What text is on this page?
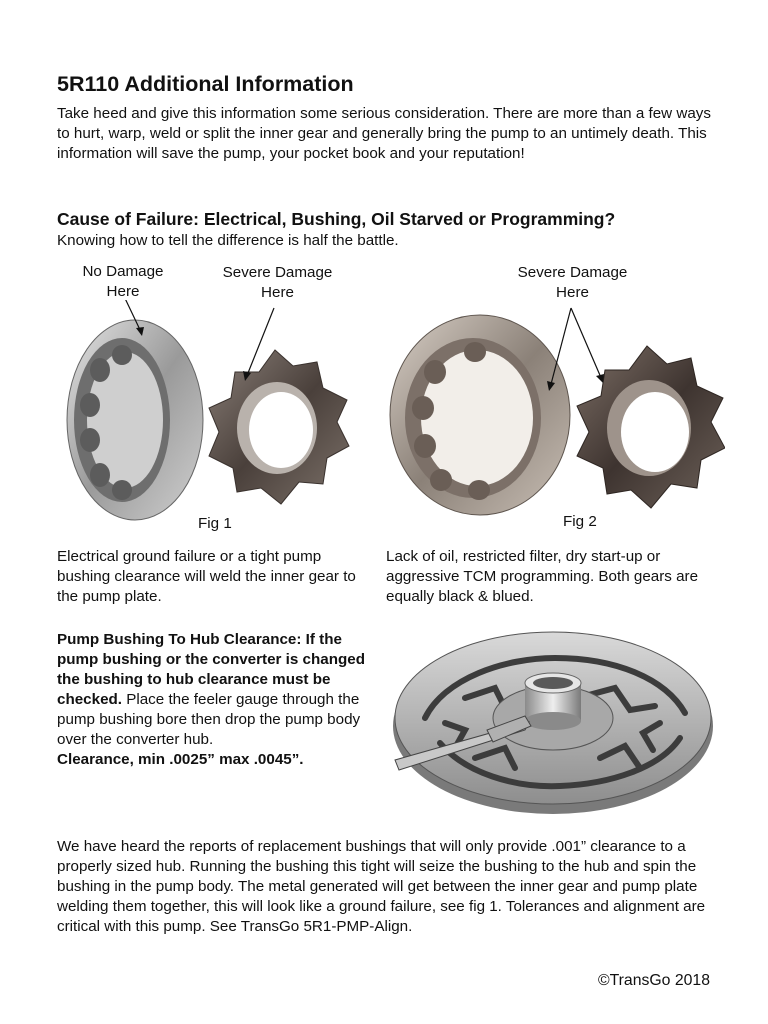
5R110 Additional Information
Take heed and give this information some serious consideration. There are more than a few ways to hurt, warp, weld or split the inner gear and generally bring the pump to an untimely death. This information will save the pump, your pocket book and your reputation!
Cause of Failure: Electrical, Bushing, Oil Starved or Programming?
Knowing how to tell the difference is half the battle.
No Damage
Here
Severe Damage
Here
Severe Damage
Here
Fig 1	Fig 2
Electrical ground failure or a tight pump bushing clearance will weld the inner gear to the pump plate.
Lack of oil, restricted filter, dry start-up or aggressive TCM programming. Both gears are equally black & blued.
Pump Bushing To Hub Clearance: If the pump bushing or the converter is changed the bushing to hub clearance must be checked. Place the feeler gauge through the pump bushing bore then drop the pump body over the converter hub.
Clearance, min .0025” max .0045”.
We have heard the reports of replacement bushings that will only provide .001” clearance to a properly sized hub. Running the bushing this tight will seize the bushing to the hub and spin the bushing in the pump body. The metal generated will get between the inner gear and pump plate welding them together, this will look like a ground failure, see fig 1. Tolerances and alignment are critical with this pump. See TransGo 5R1-PMP-Align.
©TransGo 2018
